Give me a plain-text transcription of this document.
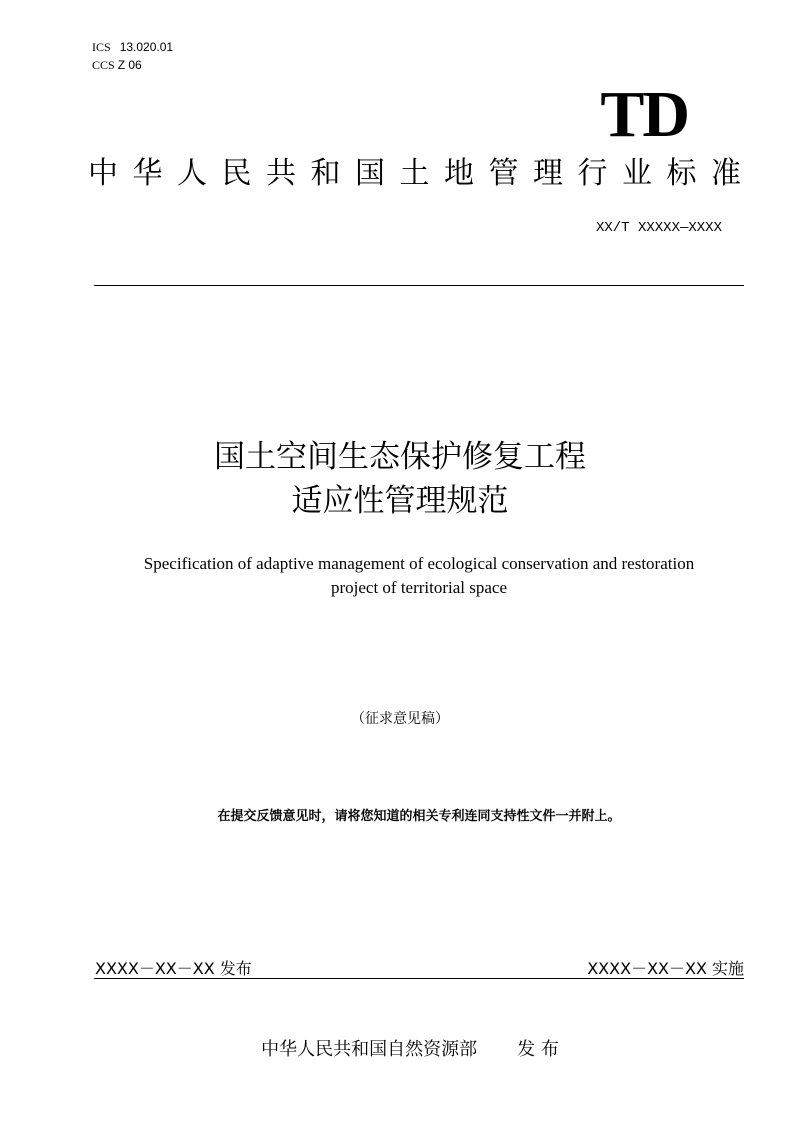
ICS 13.020.01
CCS Z 06
TD
中华人民共和国土地管理行业标准
XX/T XXXXX—XXXX
国土空间生态保护修复工程
适应性管理规范
Specification of adaptive management of ecological conservation and restoration
project of territorial space
（征求意见稿）
在提交反馈意见时，请将您知道的相关专利连同支持性文件一并附上。
XXXX－XX－XX 发布	XXXX－XX－XX 实施
中华人民共和国自然资源部 发 布
